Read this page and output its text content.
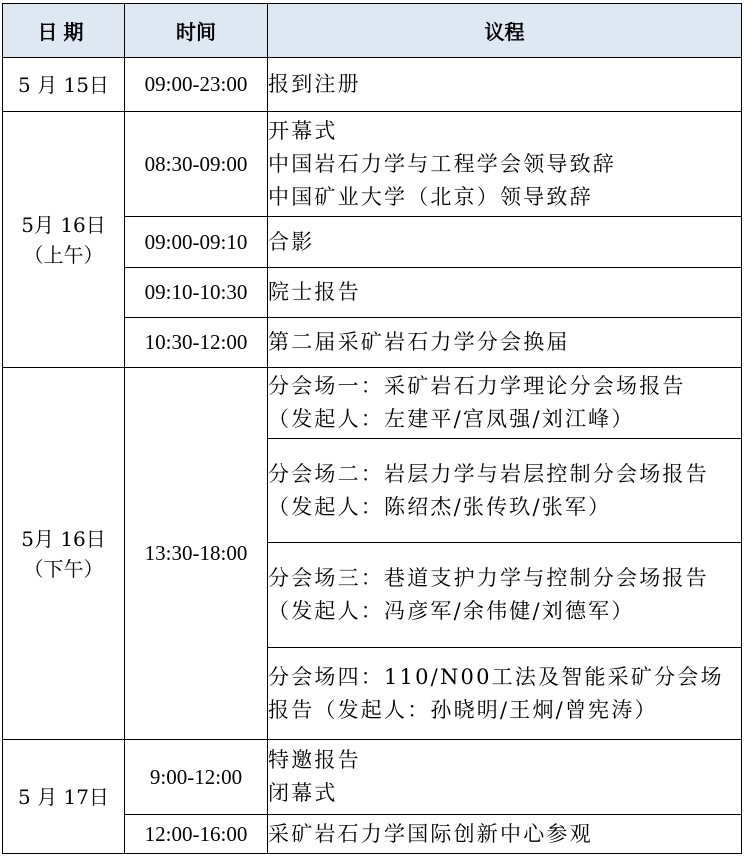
日期	时间	议程

5 月 15日	09:00-23:00	报到注册

5月 16日
（上午）	08:30-09:00	开幕式
中国岩石力学与工程学会领导致辞
中国矿业大学（北京）领导致辞

	09:00-09:10	合影

	09:10-10:30	院士报告

	10:30-12:00	第二届采矿岩石力学分会换届

5月 16日
（下午）	13:30-18:00	分会场一：采矿岩石力学理论分会场报告
（发起人：左建平/宫凤强/刘江峰）

		分会场二：岩层力学与岩层控制分会场报告
（发起人：陈绍杰/张传玖/张军）

		分会场三：巷道支护力学与控制分会场报告
（发起人：冯彦军/余伟健/刘德军）

		分会场四：110/N00工法及智能采矿分会场报告（发起人：孙晓明/王炯/曾宪涛）

5 月 17日	9:00-12:00	特邀报告
闭幕式

	12:00-16:00	采矿岩石力学国际创新中心参观
